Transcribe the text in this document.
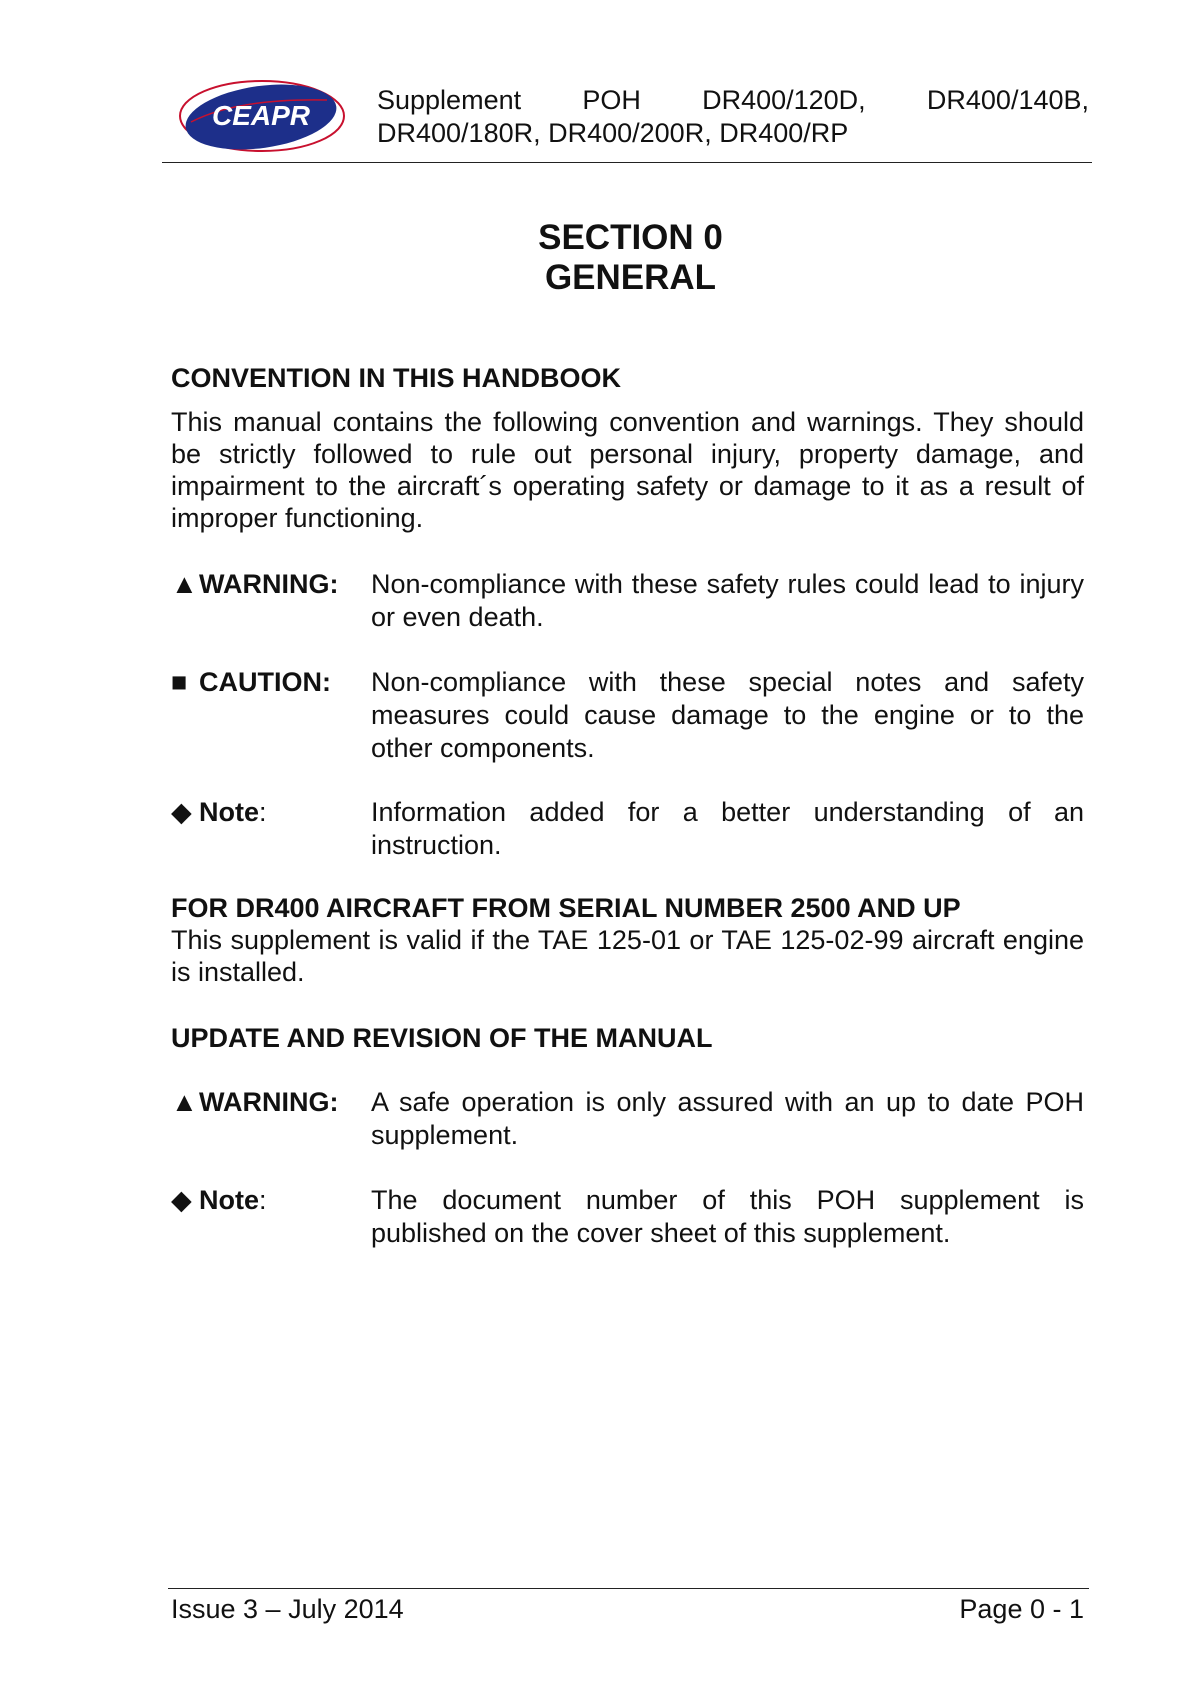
CEAPR Supplement POH DR400/120D, DR400/140B,
DR400/180R, DR400/200R, DR400/RP
SECTION 0
GENERAL
CONVENTION IN THIS HANDBOOK
This manual contains the following convention and warnings. They should be strictly followed to rule out personal injury, property damage, and impairment to the aircraft´s operating safety or damage to it as a result of improper functioning.
▲WARNING: Non-compliance with these safety rules could lead to injury or even death.
■ CAUTION: Non-compliance with these special notes and safety measures could cause damage to the engine or to the other components.
◆ Note:	Information added for a better understanding of an instruction.
FOR DR400 AIRCRAFT FROM SERIAL NUMBER 2500 AND UP
This supplement is valid if the TAE 125-01 or TAE 125-02-99 aircraft engine is installed.
UPDATE AND REVISION OF THE MANUAL
▲WARNING: A safe operation is only assured with an up to date POH supplement.
◆ Note:	The document number of this POH supplement is published on the cover sheet of this supplement.
Issue 3 – July 2014	Page 0 - 1
